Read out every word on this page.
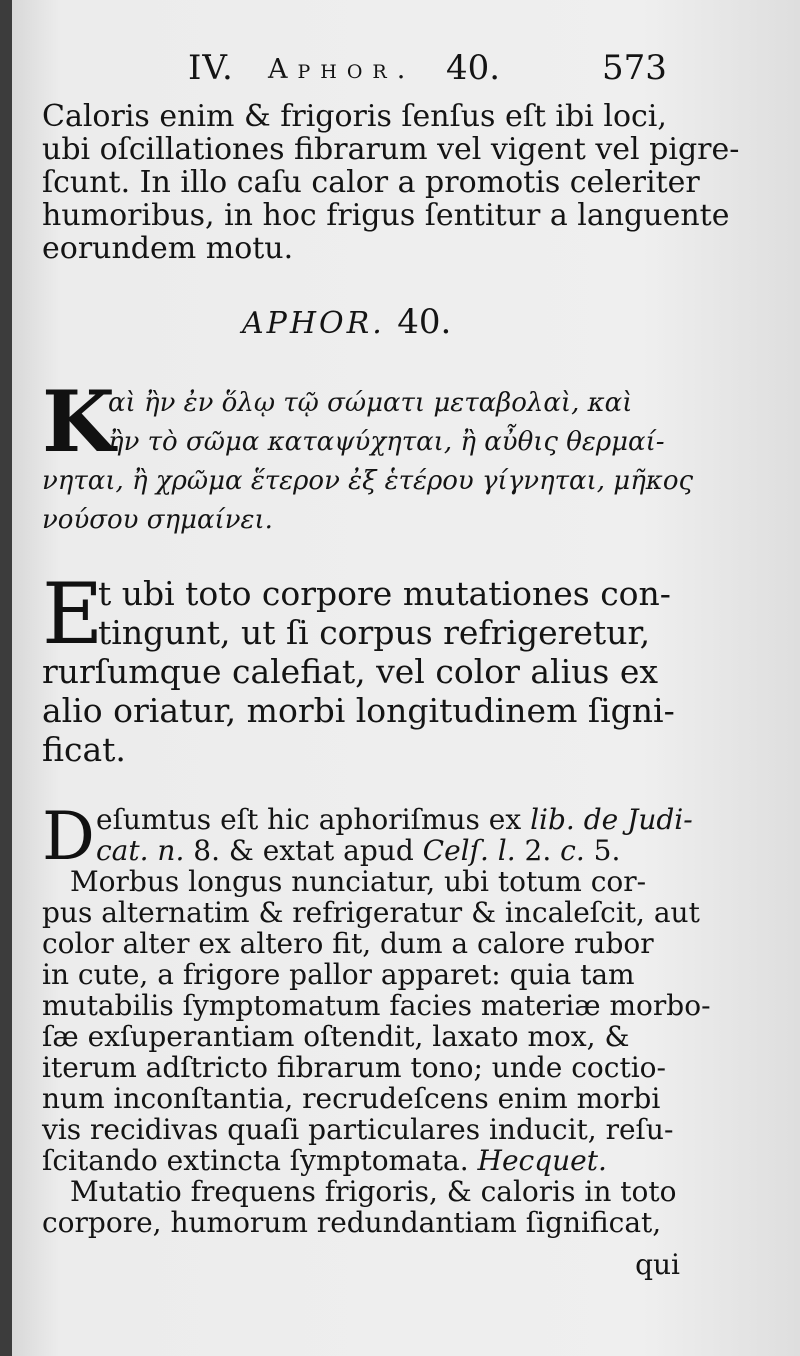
IV. Aphor. 40.	573
Caloris enim & frigoris ſenſus eſt ibi loci,
ubi oſcillationes fibrarum vel vigent vel pigre-
ſcunt. In illo caſu calor a promotis celeriter
humoribus, in hoc frigus ſentitur a languente
eorundem motu.
APHOR. 40.
K
αὶ ἢν ἐν ὅλῳ τῷ σώματι μεταβολαὶ, καὶ
ἢν τὸ σῶμα καταψύχηται, ἢ αὖθις θερμαί-
νηται, ἢ χρῶμα ἕτερον ἐξ ἑτέρου γίγνηται, μῆκος
νούσου σημαίνει.
E
t ubi toto corpore mutationes con-
tingunt, ut ſi corpus refrigeretur,
rurſumque calefiat, vel color alius ex
alio oriatur, morbi longitudinem ſigni-
ficat.
D eſumtus eſt hic aphoriſmus ex lib. de Judi-
cat. n. 8. & extat apud Celſ. l. 2. c. 5.
Morbus longus nunciatur, ubi totum cor-
pus alternatim & refrigeratur & incaleſcit, aut
color alter ex altero fit, dum a calore rubor
in cute, a frigore pallor apparet: quia tam
mutabilis ſymptomatum facies materiæ morbo-
ſæ exſuperantiam oſtendit, laxato mox, &
iterum adſtricto fibrarum tono; unde coctio-
num inconſtantia, recrudeſcens enim morbi
vis recidivas quaſi particulares inducit, reſu-
ſcitando extincta ſymptomata. Hecquet.
Mutatio frequens frigoris, & caloris in toto
corpore, humorum redundantiam ſignificat,
qui
